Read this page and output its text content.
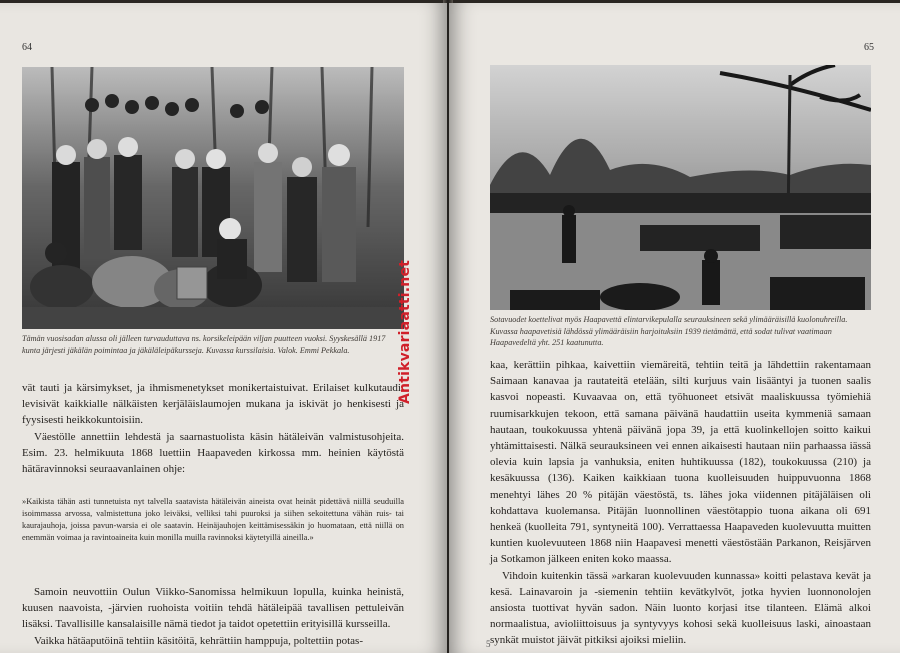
64

Tämän vuosisadan alussa oli jälleen turvauduttava ns. korsikeleipään viljan puutteen vuoksi. Syyskesällä 1917 kunta järjesti jäkälän poimintaa ja jäkäläleipäkursseja. Kuvassa kurssilaisia. Valok. Emmi Pekkala.

vät tauti ja kärsimykset, ja ihmismenetykset monikertaistuivat. Erilaiset kulkutaudit levisivät kaikkialle nälkäisten kerjäläislaumojen mukana ja iskivät jo henkisesti ja fyysisesti heikkokuntoisiin.

Väestölle annettiin lehdestä ja saarnastuolista käsin hätäleivän valmistusohjeita. Esim. 23. helmikuuta 1868 luettiin Haapaveden kirkossa mm. heinien käytöstä hätäravinnoksi seuraavanlainen ohje:

»Kaikista tähän asti tunnetuista nyt talvella saatavista hätäleivän aineista ovat heinät pidettävä niillä seuduilla isoimmassa arvossa, valmistettuna joko leiväksi, velliksi tahi puuroksi ja siihen sekoitettuna vähän ruis- tai kaurajauhoja, joissa pavun-warsia ei ole saatavin. Heinäjauhojen keittämisessäkin jo huomataan, että niillä on enemmän voimaa ja ravintoaineita kuin monilla muilla ravinnoksi käytetyillä aineilla.»

Samoin neuvottiin Oulun Viikko-Sanomissa helmikuun lopulla, kuinka heinistä, kuusen naavoista, -järvien ruohoista voitiin tehdä hätäleipää tavallisen pettuleivän lisäksi. Tavallisille kansalaisille nämä tiedot ja taidot opetettiin erityisillä kursseilla.

Vaikka hätäaputöinä tehtiin käsitöitä, kehrättiin hamppuja, poltettiin potas-

65

Sotavuodet koettelivat myös Haapavettä elintarvikepulalla seurauksineen sekä ylimääräisillä kuolonuhreilla. Kuvassa haapavetisiä lähdössä ylimääräisiin harjoituksiin 1939 tietämättä, että sodat tulivat vaatimaan Haapavedeltä yht. 251 kaatunutta.

kaa, kerättiin pihkaa, kaivettiin viemäreitä, tehtiin teitä ja lähdettiin rakentamaan Saimaan kanavaa ja rautateitä etelään, silti kurjuus vain lisääntyi ja tuonen saalis kasvoi nopeasti. Kuvaavaa on, että työhuoneet etsivät maaliskuussa työmiehiä ruumisarkkujen tekoon, että samana päivänä haudattiin useita kymmeniä samaan hautaan, toukokuussa yhtenä päivänä jopa 39, ja että kuolinkellojen soitto kaikui yhtämittaisesti. Nälkä seurauksineen vei ennen aikaisesti hautaan niin parhaassa iässä olevia kuin lapsia ja vanhuksia, eniten huhtikuussa (182), toukokuussa (210) ja kesäkuussa (136). Kaiken kaikkiaan tuona kuolleisuuden huippuvuonna 1868 menehtyi lähes 20 % pitäjän väestöstä, ts. lähes joka viidennen pitäjäläisen oli kohdattava kuolemansa. Pitäjän luonnollinen väestötappio tuona aikana oli 691 henkeä (kuolleita 791, syntyneitä 100). Verrattaessa Haapaveden kuolevuutta muitten kuntien kuolevuuteen 1868 niin Haapavesi menetti väestöstään Parkanon, Reisjärven ja Sotkamon jälkeen eniten koko maassa.

Vihdoin kuitenkin tässä »arkaran kuolevuuden kunnassa» koitti pelastava kevät ja kesä. Lainavaroin ja -siemenin tehtiin kevätkylvöt, jotka hyvien luonnonolojen ansiosta tuottivat hyvän sadon. Näin luonto korjasi itse tilanteen. Elämä alkoi normaalistua, avioliittoisuus ja syntyvyys kohosi sekä kuolleisuus laski, ainoastaan synkät muistot jäivät pitkiksi ajoiksi mieliin.

5
Antikvariaatti.net
